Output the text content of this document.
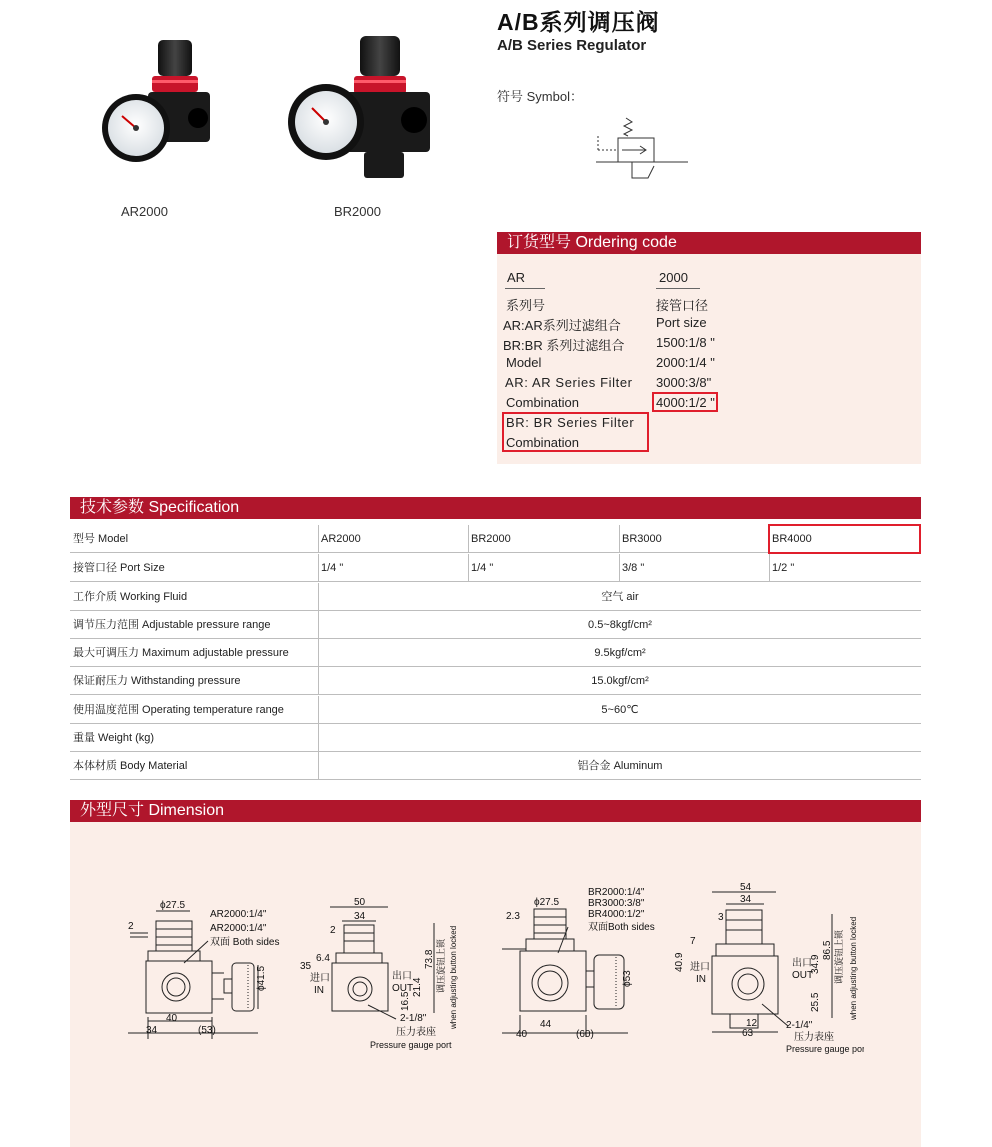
AR2000	BR2000
A/B系列调压阀
A/B Series Regulator
符号 Symbol：
订货型号 Ordering code
AR
系列号
AR:AR系列过滤组合
BR:BR 系列过滤组合
Model
AR: AR Series Filter
Combination
BR: BR Series Filter
Combination
2000
接管口径
Port size
1500:1/8 "
2000:1/4 "
3000:3/8"
4000:1/2 "
技术参数 Specification
型号 Model	AR2000	BR2000	BR3000	BR4000
接管口径 Port Size	1/4 "	1/4 "	3/8 "	1/2 "
工作介质 Working Fluid	空气 air
调节压力范围 Adjustable pressure range	0.5~8kgf/cm²
最大可调压力 Maximum adjustable pressure	9.5kgf/cm²
保证耐压力 Withstanding pressure	15.0kgf/cm²
使用温度范围 Operating temperature range	5~60℃
重量 Weight (kg)
本体材质 Body Material	铝合金 Aluminum
外型尺寸 Dimension
ϕ27.5
ϕ41.5
2
AR2000:1/4"
AR2000:1/4"
双面 Both sides
40
34	(53)
50
34
2
进口
IN
35
6.4
出口
OUT
21.4
16.5
73.8 调压旋钮上锁 when adjusting button locked
2-1/8"
压力表座
Pressure gauge port
ϕ27.5
BR2000:1/4"
BR3000:3/8"
BR4000:1/2"
双面Both sides
2.3
ϕ53
44
40	(60)
54
34
3
7
40.9 进口
IN
出口
OUT
34.9
25.5
86.5 调压旋钮上锁 when adjusting button locked
12
63
2-1/4"
压力表座
Pressure gauge port
